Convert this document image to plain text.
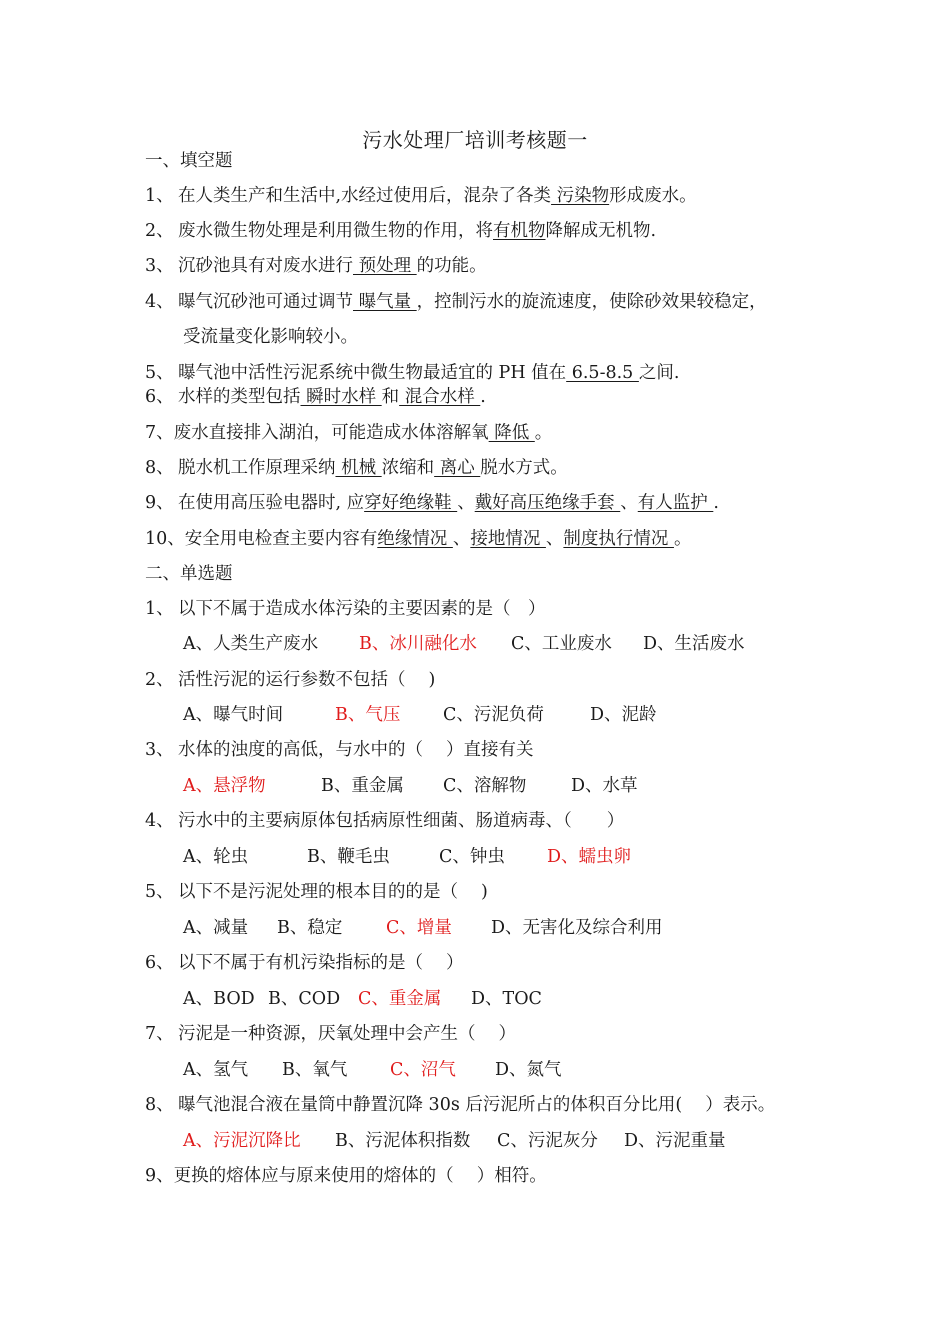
污水处理厂培训考核题一
一、填空题
1、 在人类生产和生活中,水经过使用后，混杂了各类 污染物形成废水。
2、 废水微生物处理是利用微生物的作用，将有机物降解成无机物.
3、 沉砂池具有对废水进行 预处理 的功能。
4、 曝气沉砂池可通过调节 曝气量 ，控制污水的旋流速度，使除砂效果较稳定，
受流量变化影响较小。
5、 曝气池中活性污泥系统中微生物最适宜的 PH 值在 6.5-8.5 之间.
6、 水样的类型包括 瞬时水样 和 混合水样 .
7、废水直接排入湖泊，可能造成水体溶解氧 降低 。
8、 脱水机工作原理采纳 机械 浓缩和 离心 脱水方式。
9、 在使用高压验电器时, 应穿好绝缘鞋 、戴好高压绝缘手套 、有人监护 .
10、安全用电检查主要内容有绝缘情况 、接地情况 、制度执行情况 。
二、单选题
1、 以下不属于造成水体污染的主要因素的是（　）
A、人类生产废水 B、冰川融化水 C、工业废水 D、生活废水
2、 活性污泥的运行参数不包括（　 )
A、曝气时间	B、气压 C、污泥负荷	D、泥龄
3、 水体的浊度的高低，与水中的（　 ）直接有关
A、悬浮物	B、重金属 C、溶解物	D、水草
4、 污水中的主要病原体包括病原性细菌、肠道病毒、（　　）
A、轮虫	B、鞭毛虫	C、钟虫 D、蠕虫卵
5、 以下不是污泥处理的根本目的的是（　 )
A、减量 B、稳定 C、增量 D、无害化及综合利用
6、 以下不属于有机污染指标的是（　 ）
A、BOD B、COD C、重金属 D、TOC
7、 污泥是一种资源，厌氧处理中会产生（　 ）
A、氢气 B、氧气 C、沼气 D、氮气
8、 曝气池混合液在量筒中静置沉降 30s 后污泥所占的体积百分比用(　 ）表示。
A、污泥沉降比 B、污泥体积指数 C、污泥灰分 D、污泥重量
9、更换的熔体应与原来使用的熔体的（　 ）相符。
